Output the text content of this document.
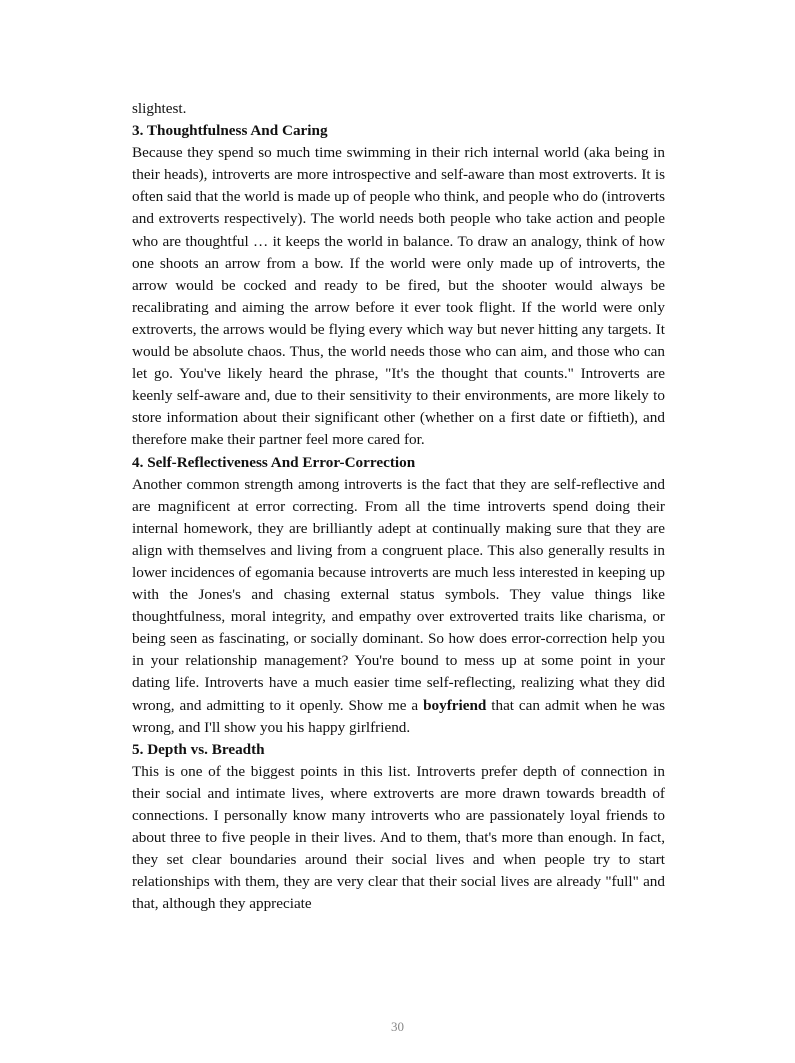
slightest.

3. Thoughtfulness And Caring

Because they spend so much time swimming in their rich internal world (aka being in their heads), introverts are more introspective and self-aware than most extroverts. It is often said that the world is made up of people who think, and people who do (introverts and extroverts respectively). The world needs both people who take action and people who are thoughtful … it keeps the world in balance. To draw an analogy, think of how one shoots an arrow from a bow. If the world were only made up of introverts, the arrow would be cocked and ready to be fired, but the shooter would always be recalibrating and aiming the arrow before it ever took flight. If the world were only extroverts, the arrows would be flying every which way but never hitting any targets. It would be absolute chaos. Thus, the world needs those who can aim, and those who can let go. You've likely heard the phrase, "It's the thought that counts." Introverts are keenly self-aware and, due to their sensitivity to their environments, are more likely to store information about their significant other (whether on a first date or fiftieth), and therefore make their partner feel more cared for.

4. Self-Reflectiveness And Error-Correction

Another common strength among introverts is the fact that they are self-reflective and are magnificent at error correcting. From all the time introverts spend doing their internal homework, they are brilliantly adept at continually making sure that they are align with themselves and living from a congruent place. This also generally results in lower incidences of egomania because introverts are much less interested in keeping up with the Jones's and chasing external status symbols. They value things like thoughtfulness, moral integrity, and empathy over extroverted traits like charisma, or being seen as fascinating, or socially dominant. So how does error-correction help you in your relationship management? You're bound to mess up at some point in your dating life. Introverts have a much easier time self-reflecting, realizing what they did wrong, and admitting to it openly. Show me a boyfriend that can admit when he was wrong, and I'll show you his happy girlfriend.

5. Depth vs. Breadth

This is one of the biggest points in this list. Introverts prefer depth of connection in their social and intimate lives, where extroverts are more drawn towards breadth of connections. I personally know many introverts who are passionately loyal friends to about three to five people in their lives. And to them, that's more than enough. In fact, they set clear boundaries around their social lives and when people try to start relationships with them, they are very clear that their social lives are already "full" and that, although they appreciate

30
